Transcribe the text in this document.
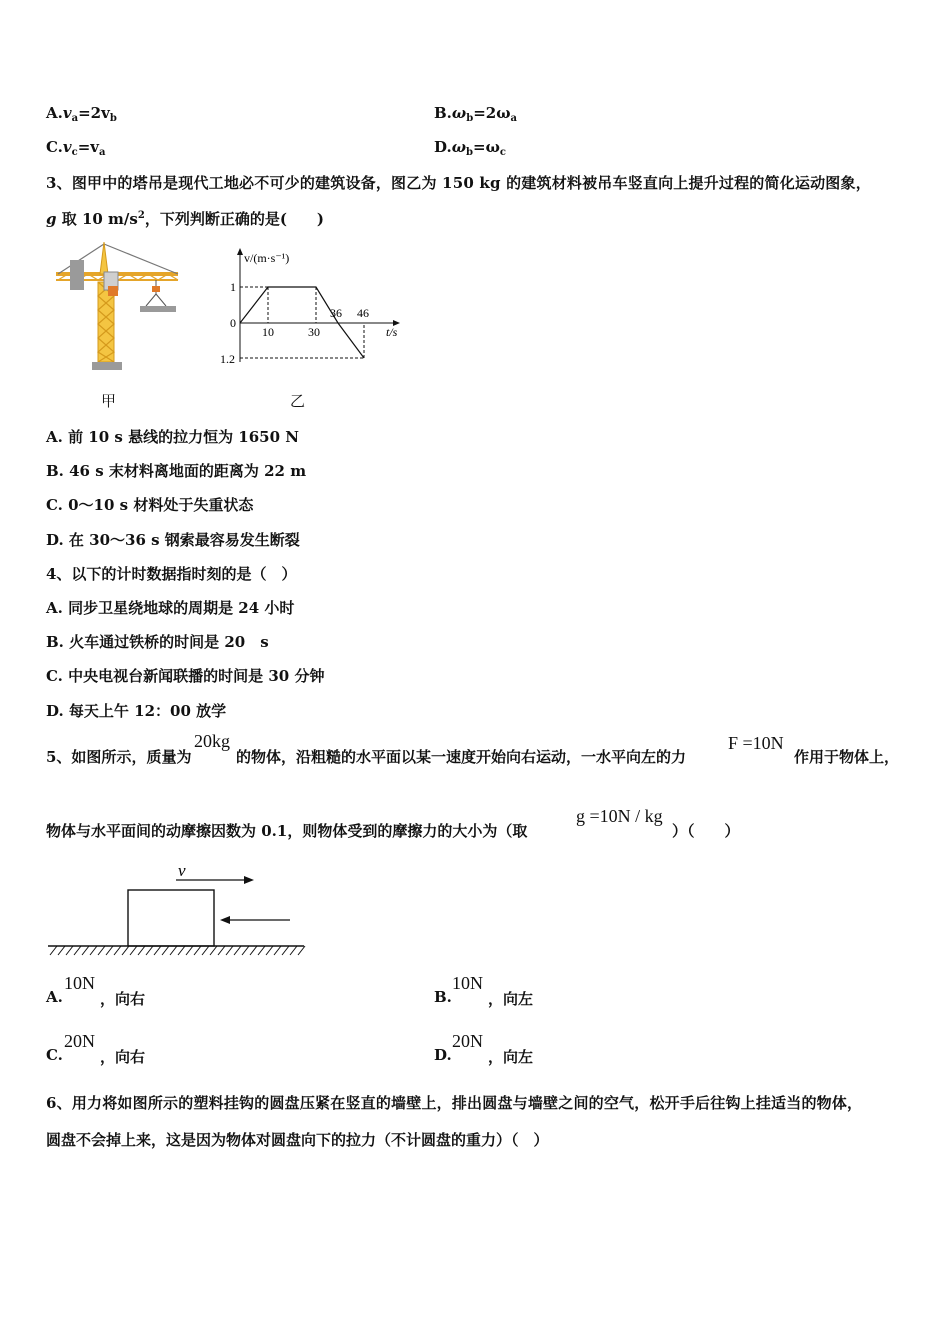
$A.v_a=2v_b$	$B.\omega_b=2\omega_a$
$C.v_c=v_a$	$D.\omega_b=\omega_c$
3、图甲中的塔吊是现代工地必不可少的建筑设备，图乙为 150 kg 的建筑材料被吊车竖直向上提升过程的简化运动图象，
g 取 10 $m/s^2$，下列判断正确的是(　　)
甲
v/(m·s⁻¹)
1
0
1.2
10	30
36 46
t/s
乙
A. 前 10 s 悬线的拉力恒为 1650 N
B. 46 s 末材料离地面的距离为 22 m
C. 0～10 s 材料处于失重状态
D. 在 30～36 s 钢索最容易发生断裂
4、以下的计时数据指时刻的是（　）
A. 同步卫星绕地球的周期是 24 小时
B. 火车通过铁桥的时间是 20　s
C. 中央电视台新闻联播的时间是 30 分钟
D. 每天上午 12：00 放学
5、如图所示，质量为
20kg
的物体，沿粗糙的水平面以某一速度开始向右运动，一水平向左的力
F =10N
作用于物体上，
物体与水平面间的动摩擦因数为 0.1，则物体受到的摩擦力的大小为（取
g =10N / kg
）（　　）
v
A.
10N
，向右	B.
10N
，向左
C.
20N
，向右	D.
20N
，向左
6、用力将如图所示的塑料挂钩的圆盘压紧在竖直的墙壁上，排出圆盘与墙壁之间的空气，松开手后往钩上挂适当的物体，
圆盘不会掉上来，这是因为物体对圆盘向下的拉力（不计圆盘的重力）（　）
